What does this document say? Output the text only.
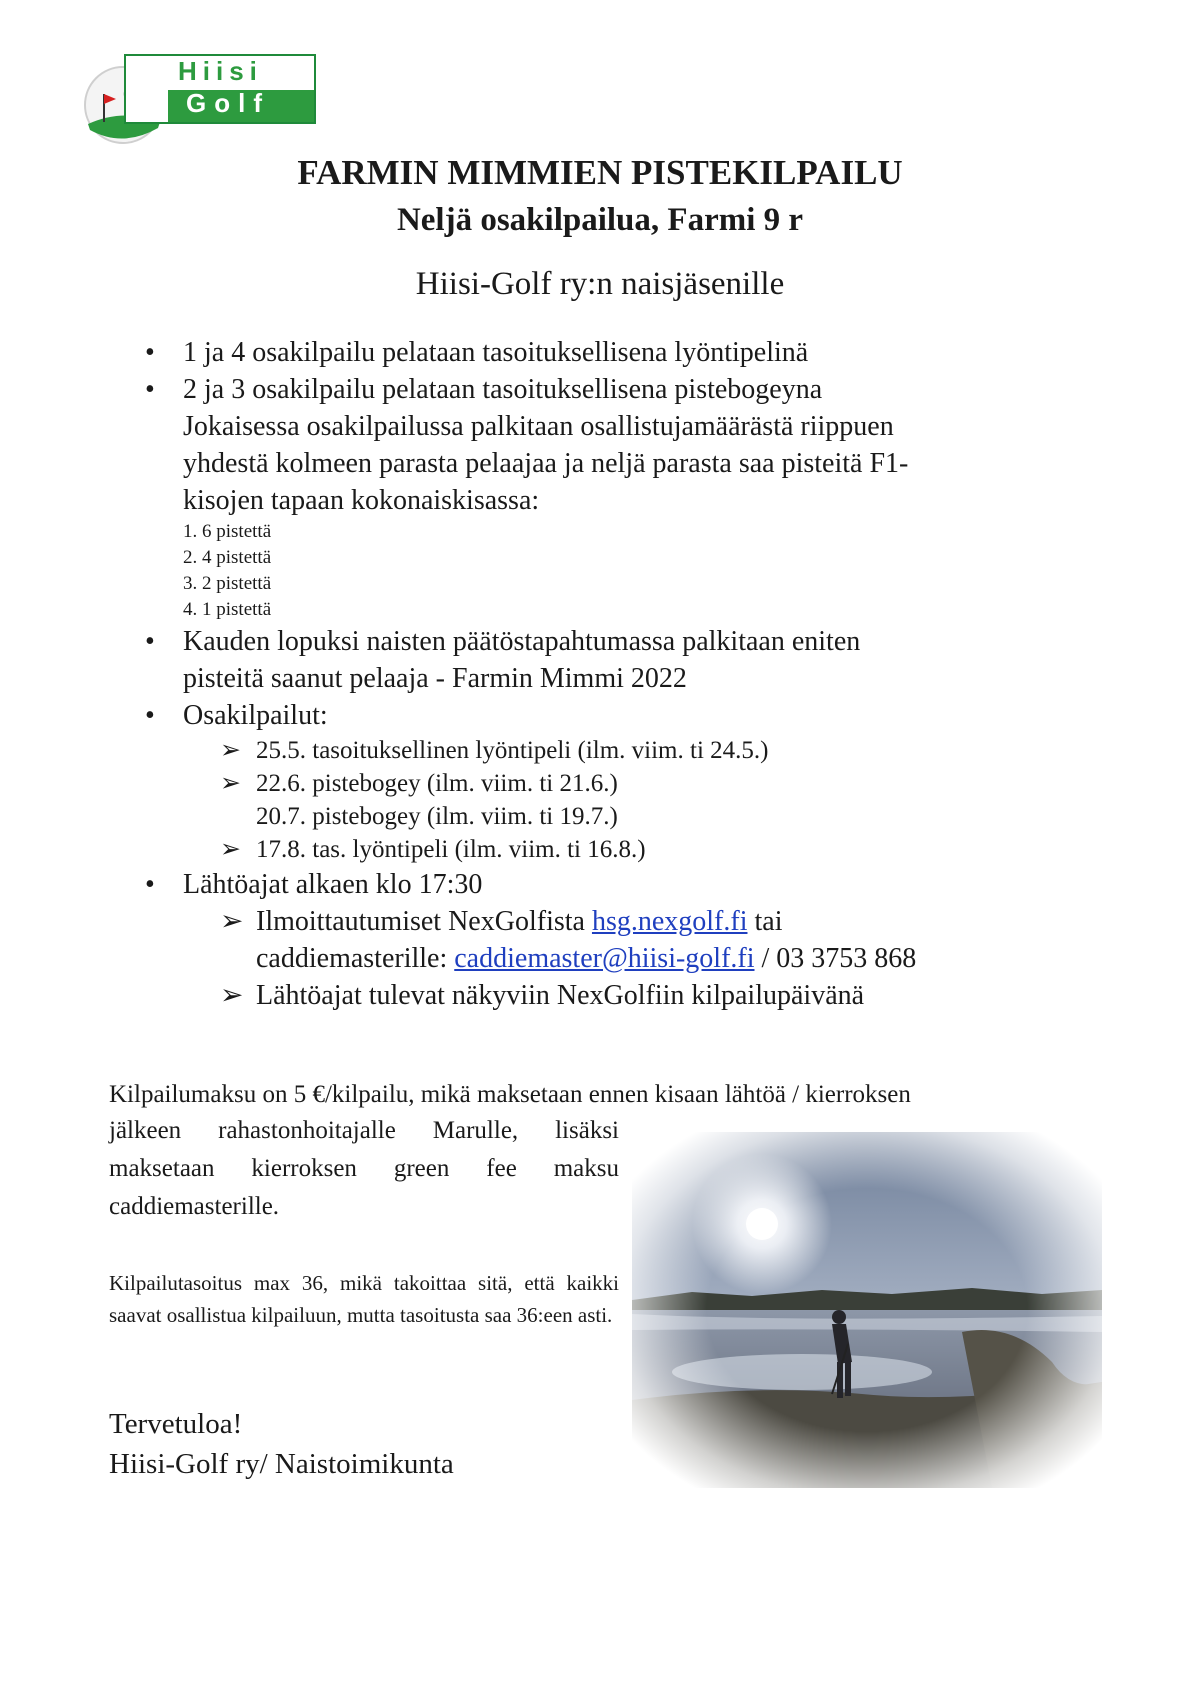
Hiisi
Golf
FARMIN MIMMIEN PISTEKILPAILU
Neljä osakilpailua, Farmi 9 r

Hiisi-Golf ry:n naisjäsenille

• 1 ja 4 osakilpailu pelataan tasoituksellisena lyöntipelinä

• 2 ja 3 osakilpailu pelataan tasoituksellisena pistebogeyna

Jokaisessa osakilpailussa palkitaan osallistujamäärästä riippuen

yhdestä kolmeen parasta pelaajaa ja neljä parasta saa pisteitä F1-

kisojen tapaan kokonaiskisassa:

1. 6 pistettä
2. 4 pistettä
3. 2 pistettä
4. 1 pistettä

• Kauden lopuksi naisten päätöstapahtumassa palkitaan eniten

pisteitä saanut pelaaja - Farmin Mimmi 2022

• Osakilpailut:

➢ 25.5. tasoituksellinen lyöntipeli (ilm. viim. ti 24.5.)
➢ 22.6. pistebogey (ilm. viim. ti 21.6.)
20.7. pistebogey (ilm. viim. ti 19.7.)
➢ 17.8. tas. lyöntipeli (ilm. viim. ti 16.8.)

• Lähtöajat alkaen klo 17:30

➢ Ilmoittautumiset NexGolfista hsg.nexgolf.fi tai
caddiemasterille: caddiemaster@hiisi-golf.fi / 03 3753 868
➢ Lähtöajat tulevat näkyviin NexGolfiin kilpailupäivänä
Kilpailumaksu on 5 €/kilpailu, mikä maksetaan ennen kisaan lähtöä / kierroksen
jälkeen rahastonhoitajalle Marulle, lisäksi maksetaan kierroksen green fee maksu caddiemasterille.
Kilpailutasoitus max 36, mikä takoittaa sitä, että kaikki saavat osallistua kilpailuun, mutta tasoitusta saa 36:een asti.
Tervetuloa!
Hiisi-Golf ry/ Naistoimikunta
